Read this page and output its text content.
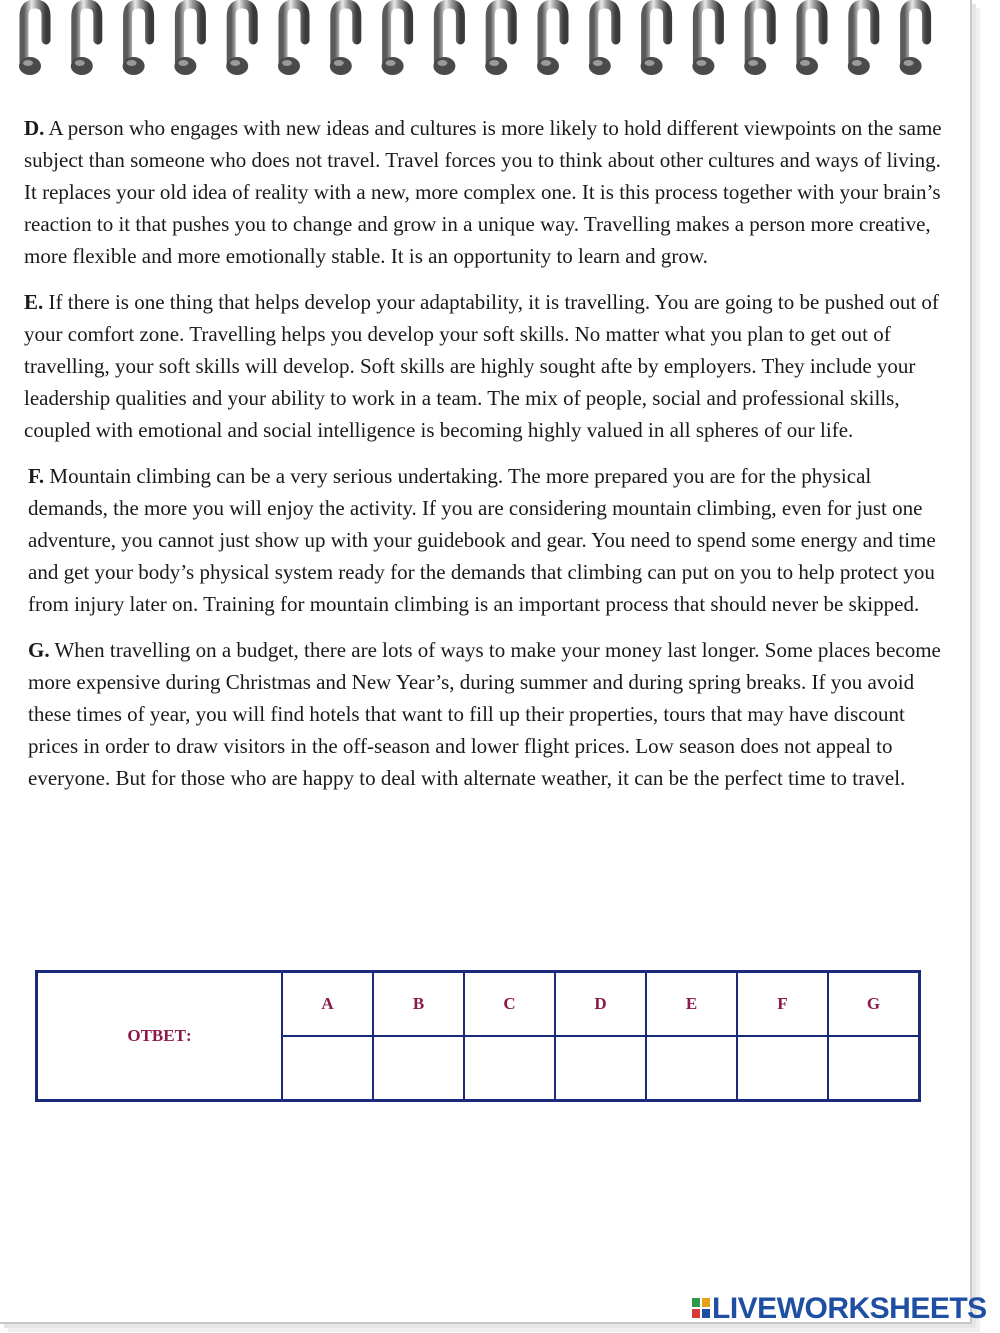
D. A person who engages with new ideas and cultures is more likely to hold different viewpoints on the same subject than someone who does not travel. Travel forces you to think about other cultures and ways of living. It replaces your old idea of reality with a new, more complex one. It is this process together with your brain’s reaction to it that pushes you to change and grow in a unique way. Travelling makes a person more creative, more flexible and more emotionally stable. It is an opportunity to learn and grow.

E. If there is one thing that helps develop your adaptability, it is travelling. You are going to be pushed out of your comfort zone. Travelling helps you develop your soft skills. No matter what you plan to get out of travelling, your soft skills will develop. Soft skills are highly sought afte by employers. They include your leadership qualities and your ability to work in a team. The mix of people, social and professional skills, coupled with emotional and social intelligence is becoming highly valued in all spheres of our life.

F. Mountain climbing can be a very serious undertaking. The more prepared you are for the physical demands, the more you will enjoy the activity. If you are considering mountain climbing, even for just one adventure, you cannot just show up with your guidebook and gear. You need to spend some energy and time and get your body’s physical system ready for the demands that climbing can put on you to help protect you from injury later on. Training for mountain climbing is an important process that should never be skipped.

G. When travelling on a budget, there are lots of ways to make your money last longer. Some places become more expensive during Christmas and New Year’s, during summer and during spring breaks. If you avoid these times of year, you will find hotels that want to fill up their properties, tours that may have discount prices in order to draw visitors in the off-season and lower flight prices. Low season does not appeal to everyone. But for those who are happy to deal with alternate weather, it can be the perfect time to travel.

ОТВЕТ:	A	B	C	D	E	F	G

LIVEWORKSHEETS
